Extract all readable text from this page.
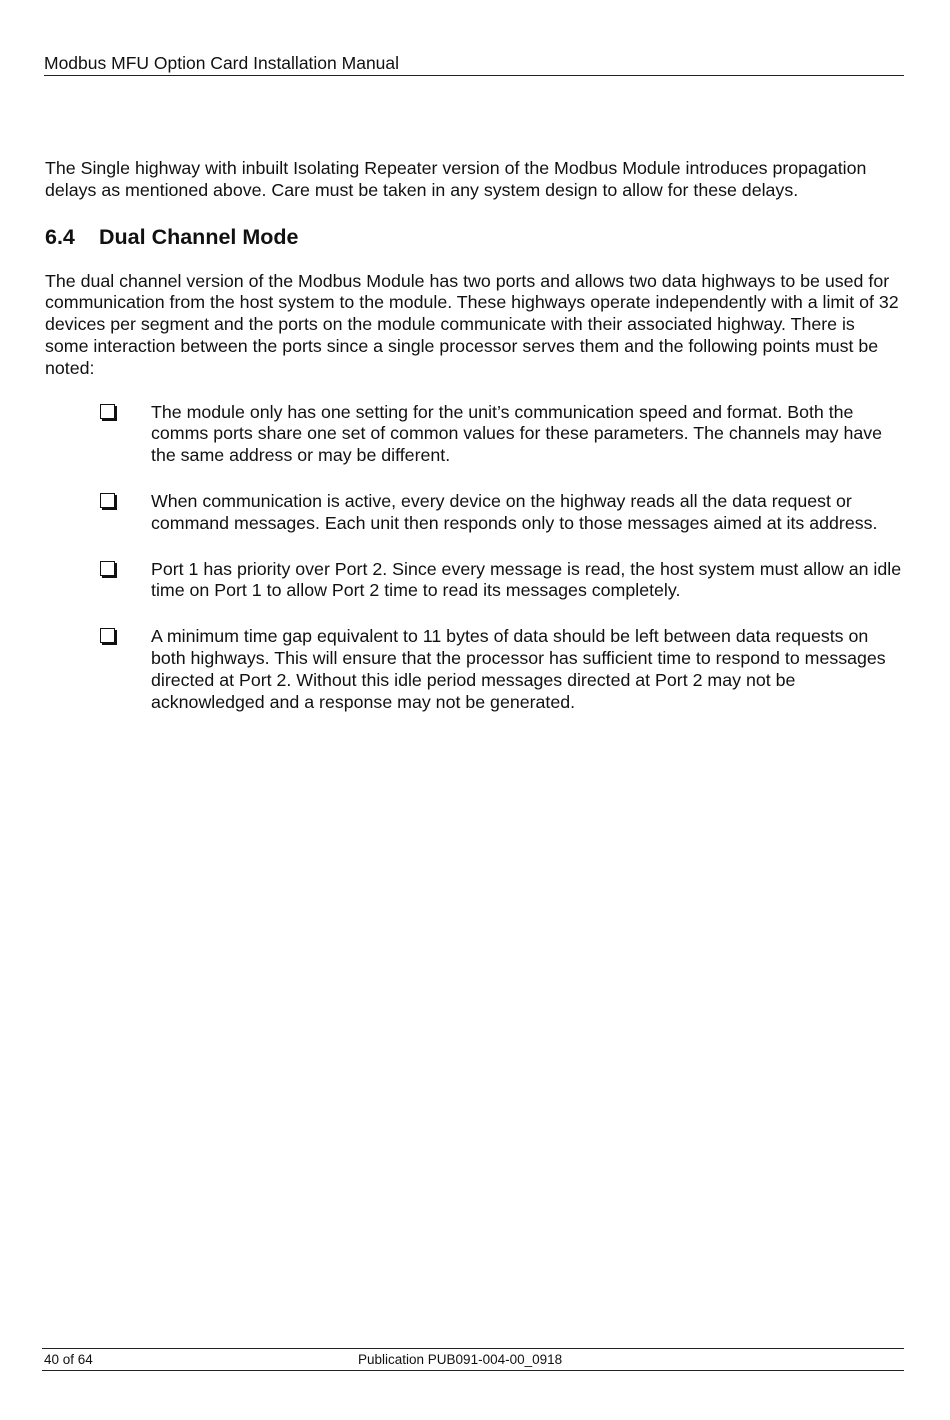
Modbus MFU Option Card Installation Manual

The Single highway with inbuilt Isolating Repeater version of the Modbus Module introduces propagation delays as mentioned above. Care must be taken in any system design to allow for these delays.

6.4 Dual Channel Mode

The dual channel version of the Modbus Module has two ports and allows two data highways to be used for communication from the host system to the module. These highways operate independently with a limit of 32 devices per segment and the ports on the module communicate with their associated highway. There is some interaction between the ports since a single processor serves them and the following points must be noted:

The module only has one setting for the unit’s communication speed and format. Both the comms ports share one set of common values for these parameters. The channels may have the same address or may be different.
When communication is active, every device on the highway reads all the data request or command messages. Each unit then responds only to those messages aimed at its address.
Port 1 has priority over Port 2. Since every message is read, the host system must allow an idle time on Port 1 to allow Port 2 time to read its messages completely.
A minimum time gap equivalent to 11 bytes of data should be left between data requests on both highways. This will ensure that the processor has sufficient time to respond to messages directed at Port 2. Without this idle period messages directed at Port 2 may not be acknowledged and a response may not be generated.
40 of 64	Publication PUB091-004-00_0918
